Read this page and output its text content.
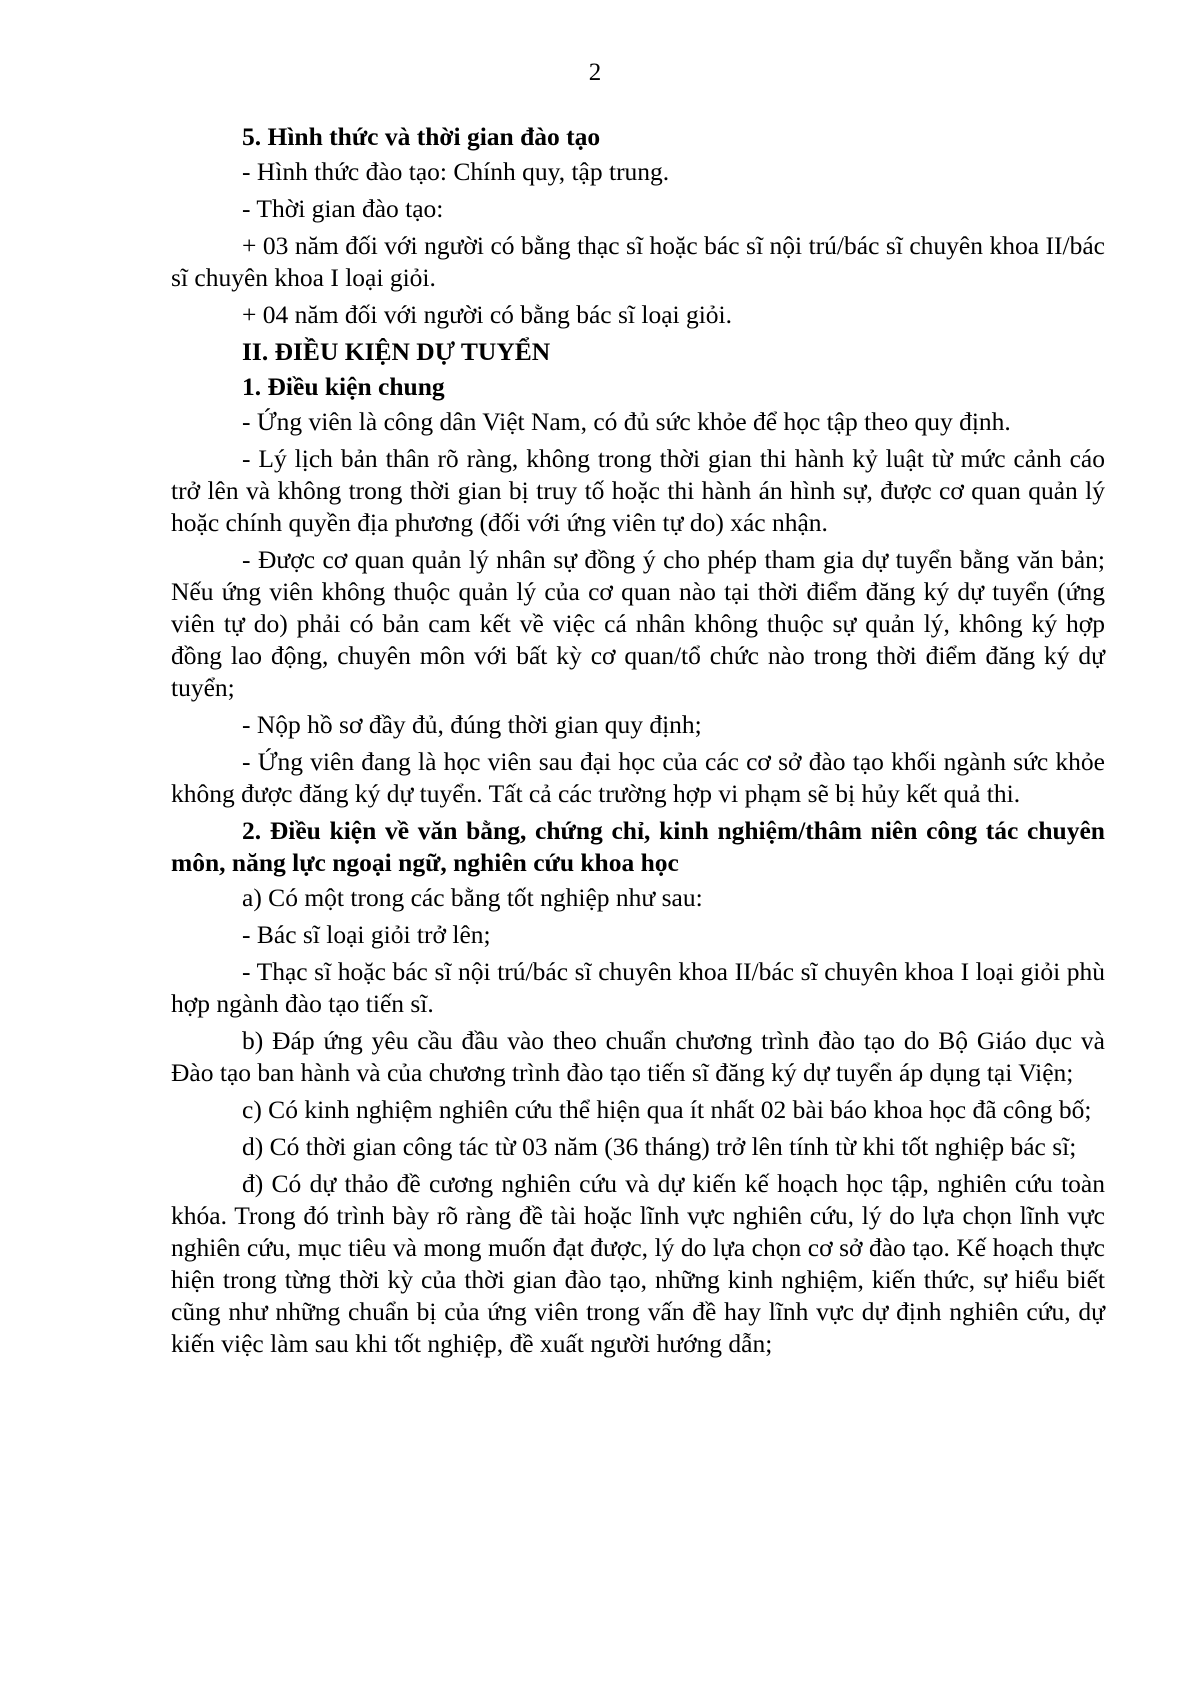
2

5. Hình thức và thời gian đào tạo

- Hình thức đào tạo: Chính quy, tập trung.

- Thời gian đào tạo:

+ 03 năm đối với người có bằng thạc sĩ hoặc bác sĩ nội trú/bác sĩ chuyên khoa II/bác sĩ chuyên khoa I loại giỏi.

+ 04 năm đối với người có bằng bác sĩ loại giỏi.

II. ĐIỀU KIỆN DỰ TUYỂN

1. Điều kiện chung

- Ứng viên là công dân Việt Nam, có đủ sức khỏe để học tập theo quy định.

- Lý lịch bản thân rõ ràng, không trong thời gian thi hành kỷ luật từ mức cảnh cáo trở lên và không trong thời gian bị truy tố hoặc thi hành án hình sự, được cơ quan quản lý hoặc chính quyền địa phương (đối với ứng viên tự do) xác nhận.

- Được cơ quan quản lý nhân sự đồng ý cho phép tham gia dự tuyển bằng văn bản; Nếu ứng viên không thuộc quản lý của cơ quan nào tại thời điểm đăng ký dự tuyển (ứng viên tự do) phải có bản cam kết về việc cá nhân không thuộc sự quản lý, không ký hợp đồng lao động, chuyên môn với bất kỳ cơ quan/tổ chức nào trong thời điểm đăng ký dự tuyển;

- Nộp hồ sơ đầy đủ, đúng thời gian quy định;

- Ứng viên đang là học viên sau đại học của các cơ sở đào tạo khối ngành sức khỏe không được đăng ký dự tuyển. Tất cả các trường hợp vi phạm sẽ bị hủy kết quả thi.

2. Điều kiện về văn bằng, chứng chỉ, kinh nghiệm/thâm niên công tác chuyên môn, năng lực ngoại ngữ, nghiên cứu khoa học

a) Có một trong các bằng tốt nghiệp như sau:

- Bác sĩ loại giỏi trở lên;

- Thạc sĩ hoặc bác sĩ nội trú/bác sĩ chuyên khoa II/bác sĩ chuyên khoa I loại giỏi phù hợp ngành đào tạo tiến sĩ.

b) Đáp ứng yêu cầu đầu vào theo chuẩn chương trình đào tạo do Bộ Giáo dục và Đào tạo ban hành và của chương trình đào tạo tiến sĩ đăng ký dự tuyển áp dụng tại Viện;

c) Có kinh nghiệm nghiên cứu thể hiện qua ít nhất 02 bài báo khoa học đã công bố;

d) Có thời gian công tác từ 03 năm (36 tháng) trở lên tính từ khi tốt nghiệp bác sĩ;

đ) Có dự thảo đề cương nghiên cứu và dự kiến kế hoạch học tập, nghiên cứu toàn khóa. Trong đó trình bày rõ ràng đề tài hoặc lĩnh vực nghiên cứu, lý do lựa chọn lĩnh vực nghiên cứu, mục tiêu và mong muốn đạt được, lý do lựa chọn cơ sở đào tạo. Kế hoạch thực hiện trong từng thời kỳ của thời gian đào tạo, những kinh nghiệm, kiến thức, sự hiểu biết cũng như những chuẩn bị của ứng viên trong vấn đề hay lĩnh vực dự định nghiên cứu, dự kiến việc làm sau khi tốt nghiệp, đề xuất người hướng dẫn;
